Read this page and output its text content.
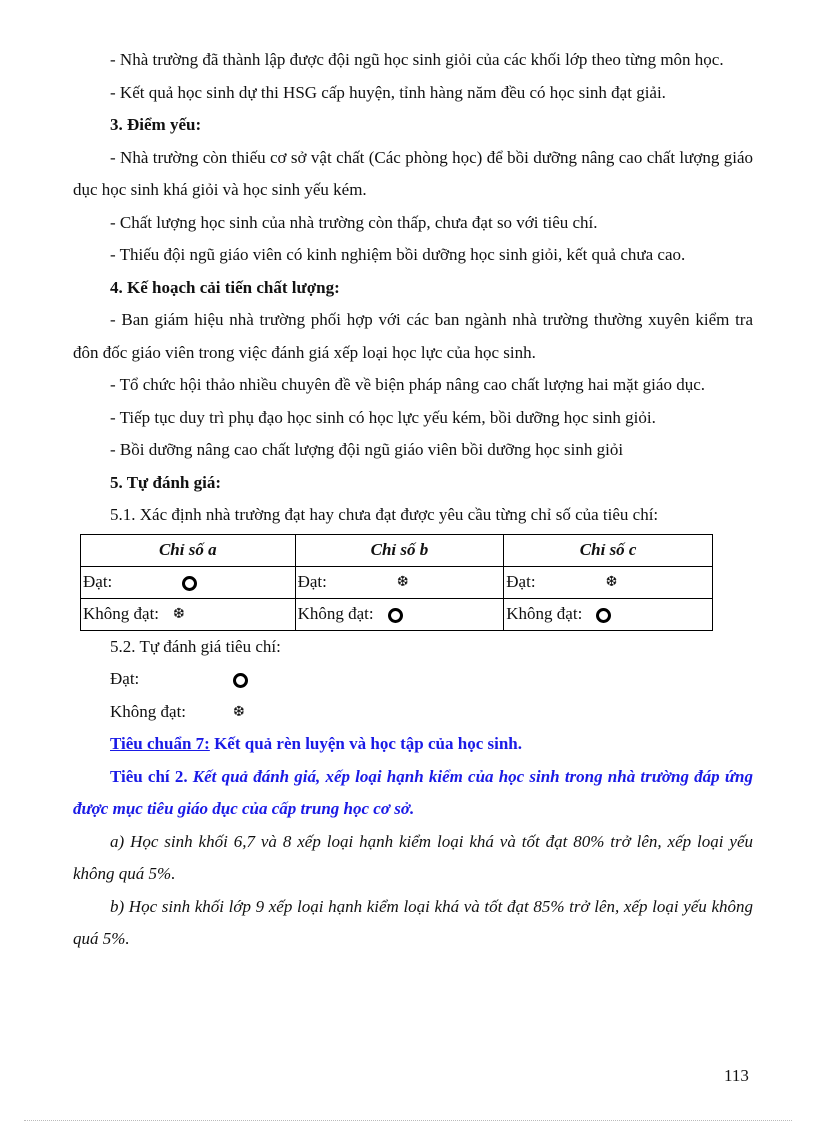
- Nhà trường đã thành lập được đội ngũ học sinh giỏi của các khối lớp theo từng môn học.

- Kết quả học sinh dự thi HSG cấp huyện, tỉnh hàng năm đều có học sinh đạt giải.

3. Điểm yếu:

- Nhà trường còn thiếu cơ sở vật chất (Các phòng học) để bồi dưỡng nâng cao chất lượng giáo dục học sinh khá giỏi và học sinh yếu kém.

- Chất lượng học sinh của nhà trường còn thấp, chưa đạt so với tiêu chí.

- Thiếu đội ngũ giáo viên có kinh nghiệm bồi dưỡng học sinh giỏi, kết quả chưa cao.

4. Kế hoạch cải tiến chất lượng:

- Ban giám hiệu nhà trường phối hợp với các ban ngành nhà trường thường xuyên kiểm tra đôn đốc giáo viên trong việc đánh giá xếp loại học lực của học sinh.

- Tổ chức hội thảo nhiều chuyên đề về biện pháp nâng cao chất lượng hai mặt giáo dục.

- Tiếp tục duy trì phụ đạo học sinh có học lực yếu kém, bồi dưỡng học sinh giỏi.

- Bồi dưỡng nâng cao chất lượng đội ngũ giáo viên bồi dưỡng học sinh giỏi

5. Tự đánh giá:

5.1. Xác định nhà trường đạt hay chưa đạt được yêu cầu từng chỉ số của tiêu chí:

Chỉ số a	Chỉ số b	Chỉ số c
Đạt:	Đạt: ❆	Đạt: ❆
Không đạt: ❆	Không đạt:	Không đạt:

5.2. Tự đánh giá tiêu chí:

Đạt:

Không đạt:	❆

Tiêu chuẩn 7: Kết quả rèn luyện và học tập của học sinh.

Tiêu chí 2. Kết quả đánh giá, xếp loại hạnh kiểm của học sinh trong nhà trường đáp ứng được mục tiêu giáo dục của cấp trung học cơ sở.

a) Học sinh khối 6,7 và 8 xếp loại hạnh kiểm loại khá và tốt đạt 80% trở lên, xếp loại yếu không quá 5%.

b) Học sinh khối lớp 9 xếp loại hạnh kiểm loại khá và tốt đạt 85% trở lên, xếp loại yếu không quá 5%.

113
